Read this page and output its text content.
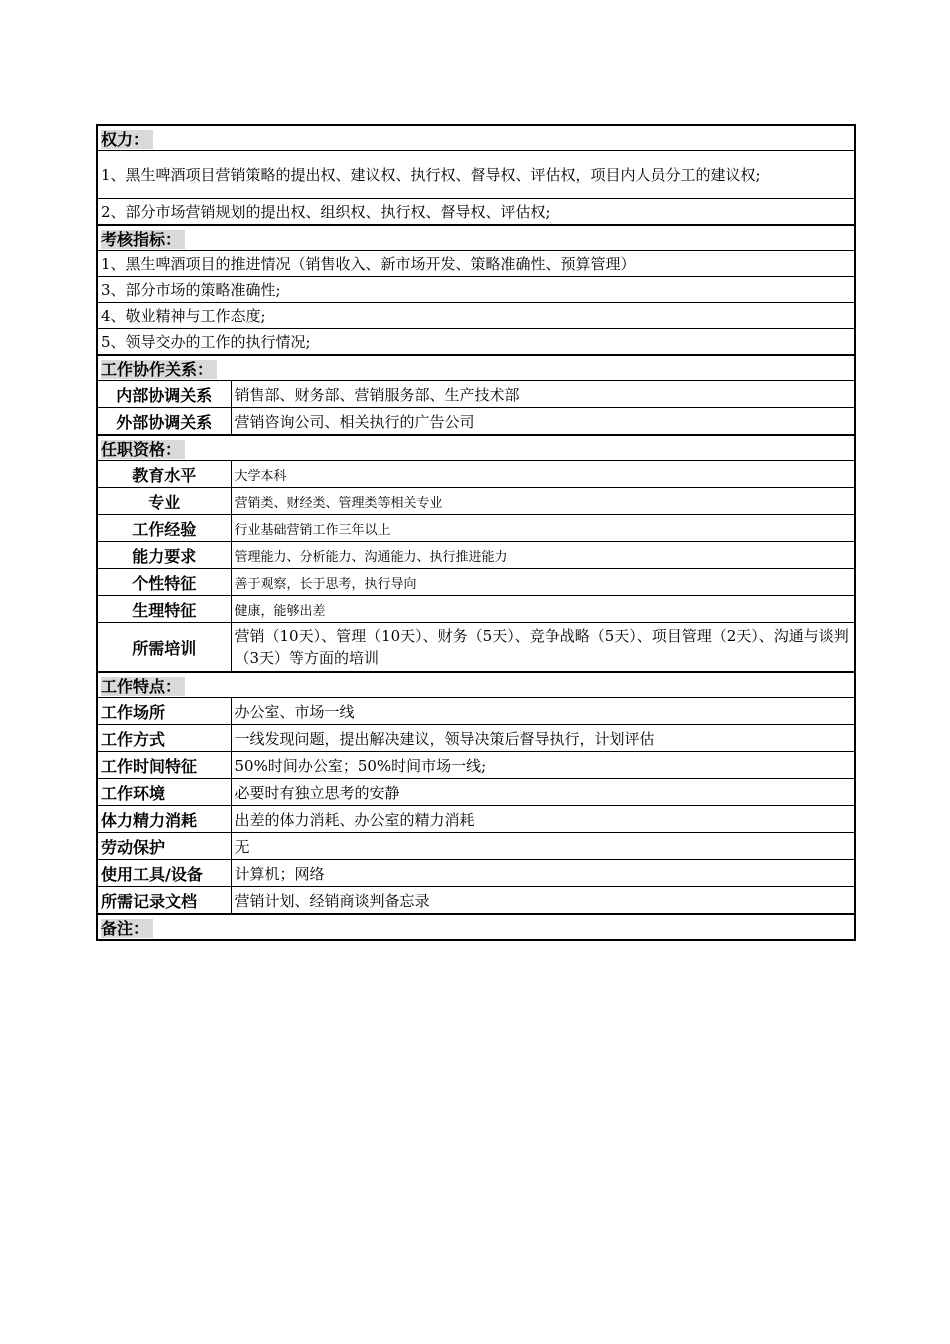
权力：	
1、黑生啤酒项目营销策略的提出权、建议权、执行权、督导权、评估权，项目内人员分工的建议权;	
2、部分市场营销规划的提出权、组织权、执行权、督导权、评估权;	
考核指标：	
1、黑生啤酒项目的推进情况（销售收入、新市场开发、策略准确性、预算管理）	
3、部分市场的策略准确性;	
4、敬业精神与工作态度;	
5、领导交办的工作的执行情况;	
工作协作关系：	
内部协调关系	销售部、财务部、营销服务部、生产技术部
外部协调关系	营销咨询公司、相关执行的广告公司
任职资格：	
教育水平	大学本科
专业	营销类、财经类、管理类等相关专业
工作经验	行业基础营销工作三年以上
能力要求	管理能力、分析能力、沟通能力、执行推进能力
个性特征	善于观察，长于思考，执行导向
生理特征	健康，能够出差
所需培训	营销（10天）、管理（10天）、财务（5天）、竞争战略（5天）、项目管理（2天）、沟通与谈判（3天）等方面的培训
工作特点：	
工作场所	办公室、市场一线
工作方式	一线发现问题，提出解决建议，领导决策后督导执行，计划评估
工作时间特征	50%时间办公室；50%时间市场一线;
工作环境	必要时有独立思考的安静
体力精力消耗	出差的体力消耗、办公室的精力消耗
劳动保护	无
使用工具/设备	计算机；网络
所需记录文档	营销计划、经销商谈判备忘录
备注：	
